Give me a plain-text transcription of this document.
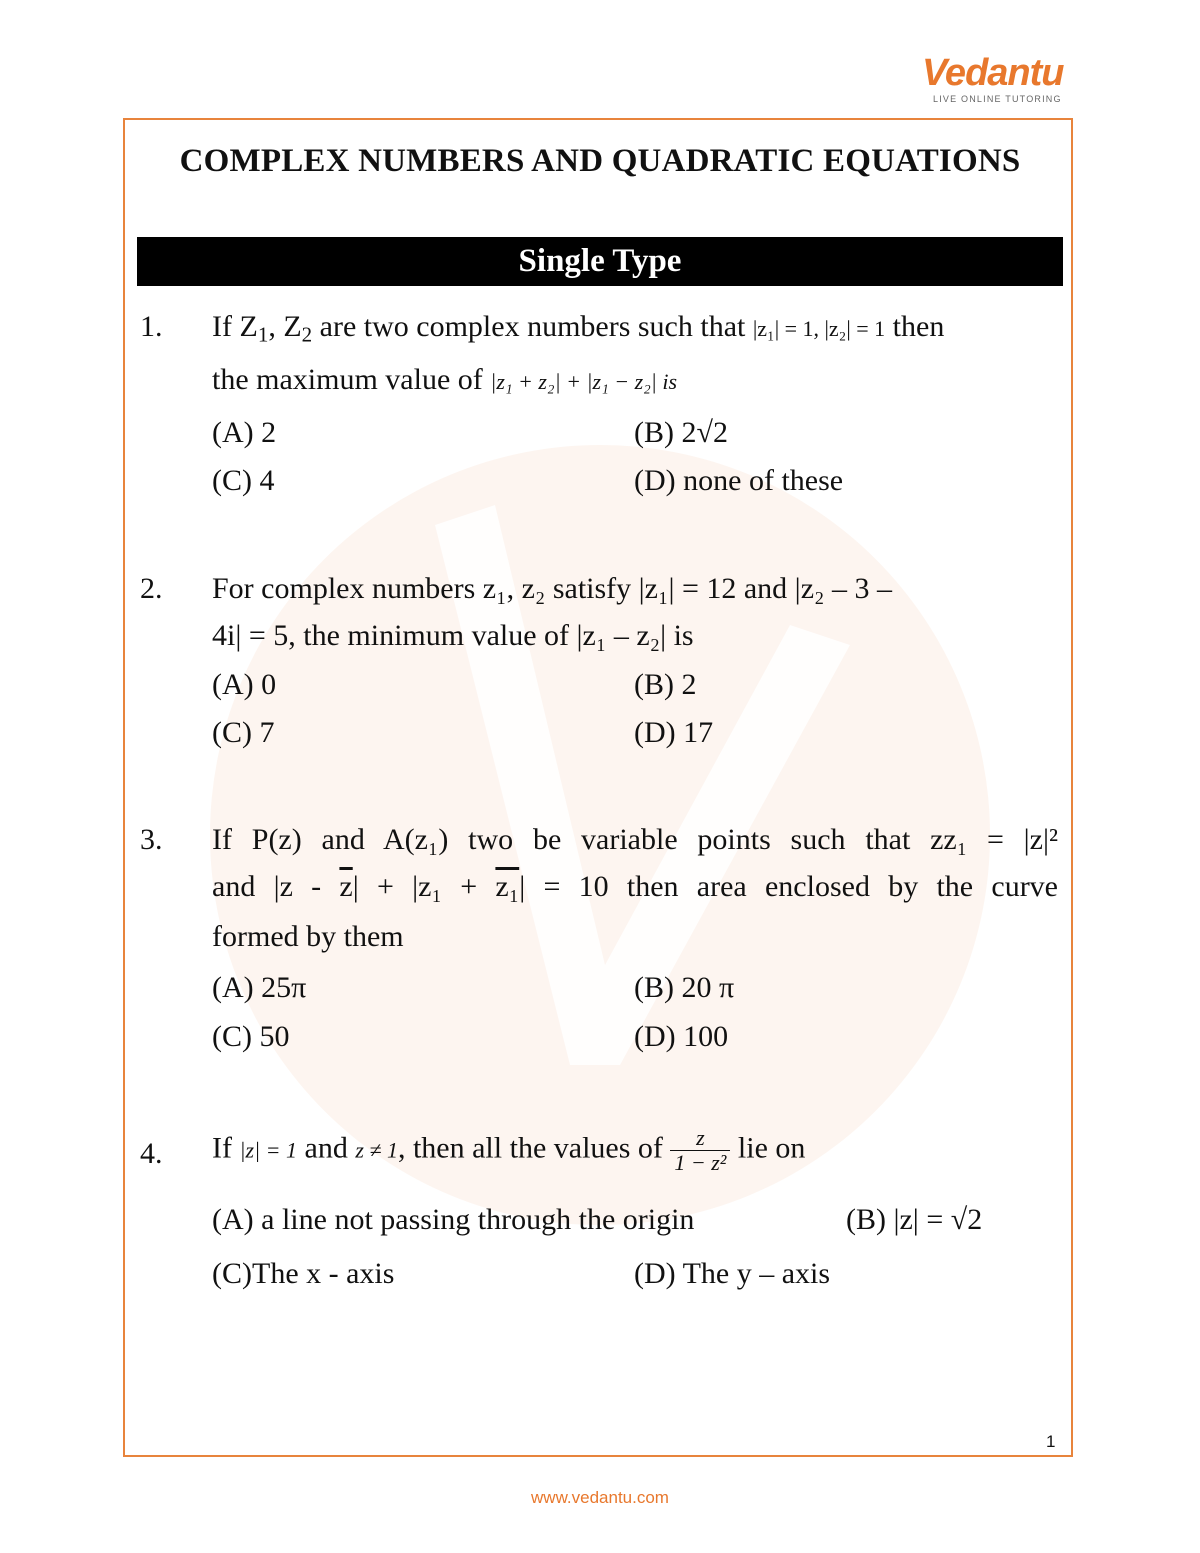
Vedantu
LIVE ONLINE TUTORING
COMPLEX NUMBERS AND QUADRATIC EQUATIONS
Single Type
1. If $Z_1$, $Z_2$ are two complex numbers such that |z₁| = 1, |z₂| = 1 then
the maximum value of |z₁ + z₂| + |z₁ − z₂| is
(A) 2	(B) 2√2
(C) 4	(D) none of these
2. For complex numbers z₁, z₂ satisfy |z₁| = 12 and |z₂ – 3 –
4i| = 5, the minimum value of |z₁ – z₂| is
(A) 0	(B) 2
(C) 7	(D) 17
3. If P(z) and A(z₁) two be variable points such that zz₁ = |z|²
and $|z - \overline{z}| + |z_1 + z_1| = 10$ then area enclosed by the curve
formed by them
(A) 25π	(B) 20 π
(C) 50	(D) 100
4. If |z| = 1 and z ≠ 1, then all the values of $\frac{z}{\text{1 − z²}}$ lie on
(A) a line not passing through the origin	(B) |z| = √2
(C)The x - axis	(D) The y – axis
1
www.vedantu.com
